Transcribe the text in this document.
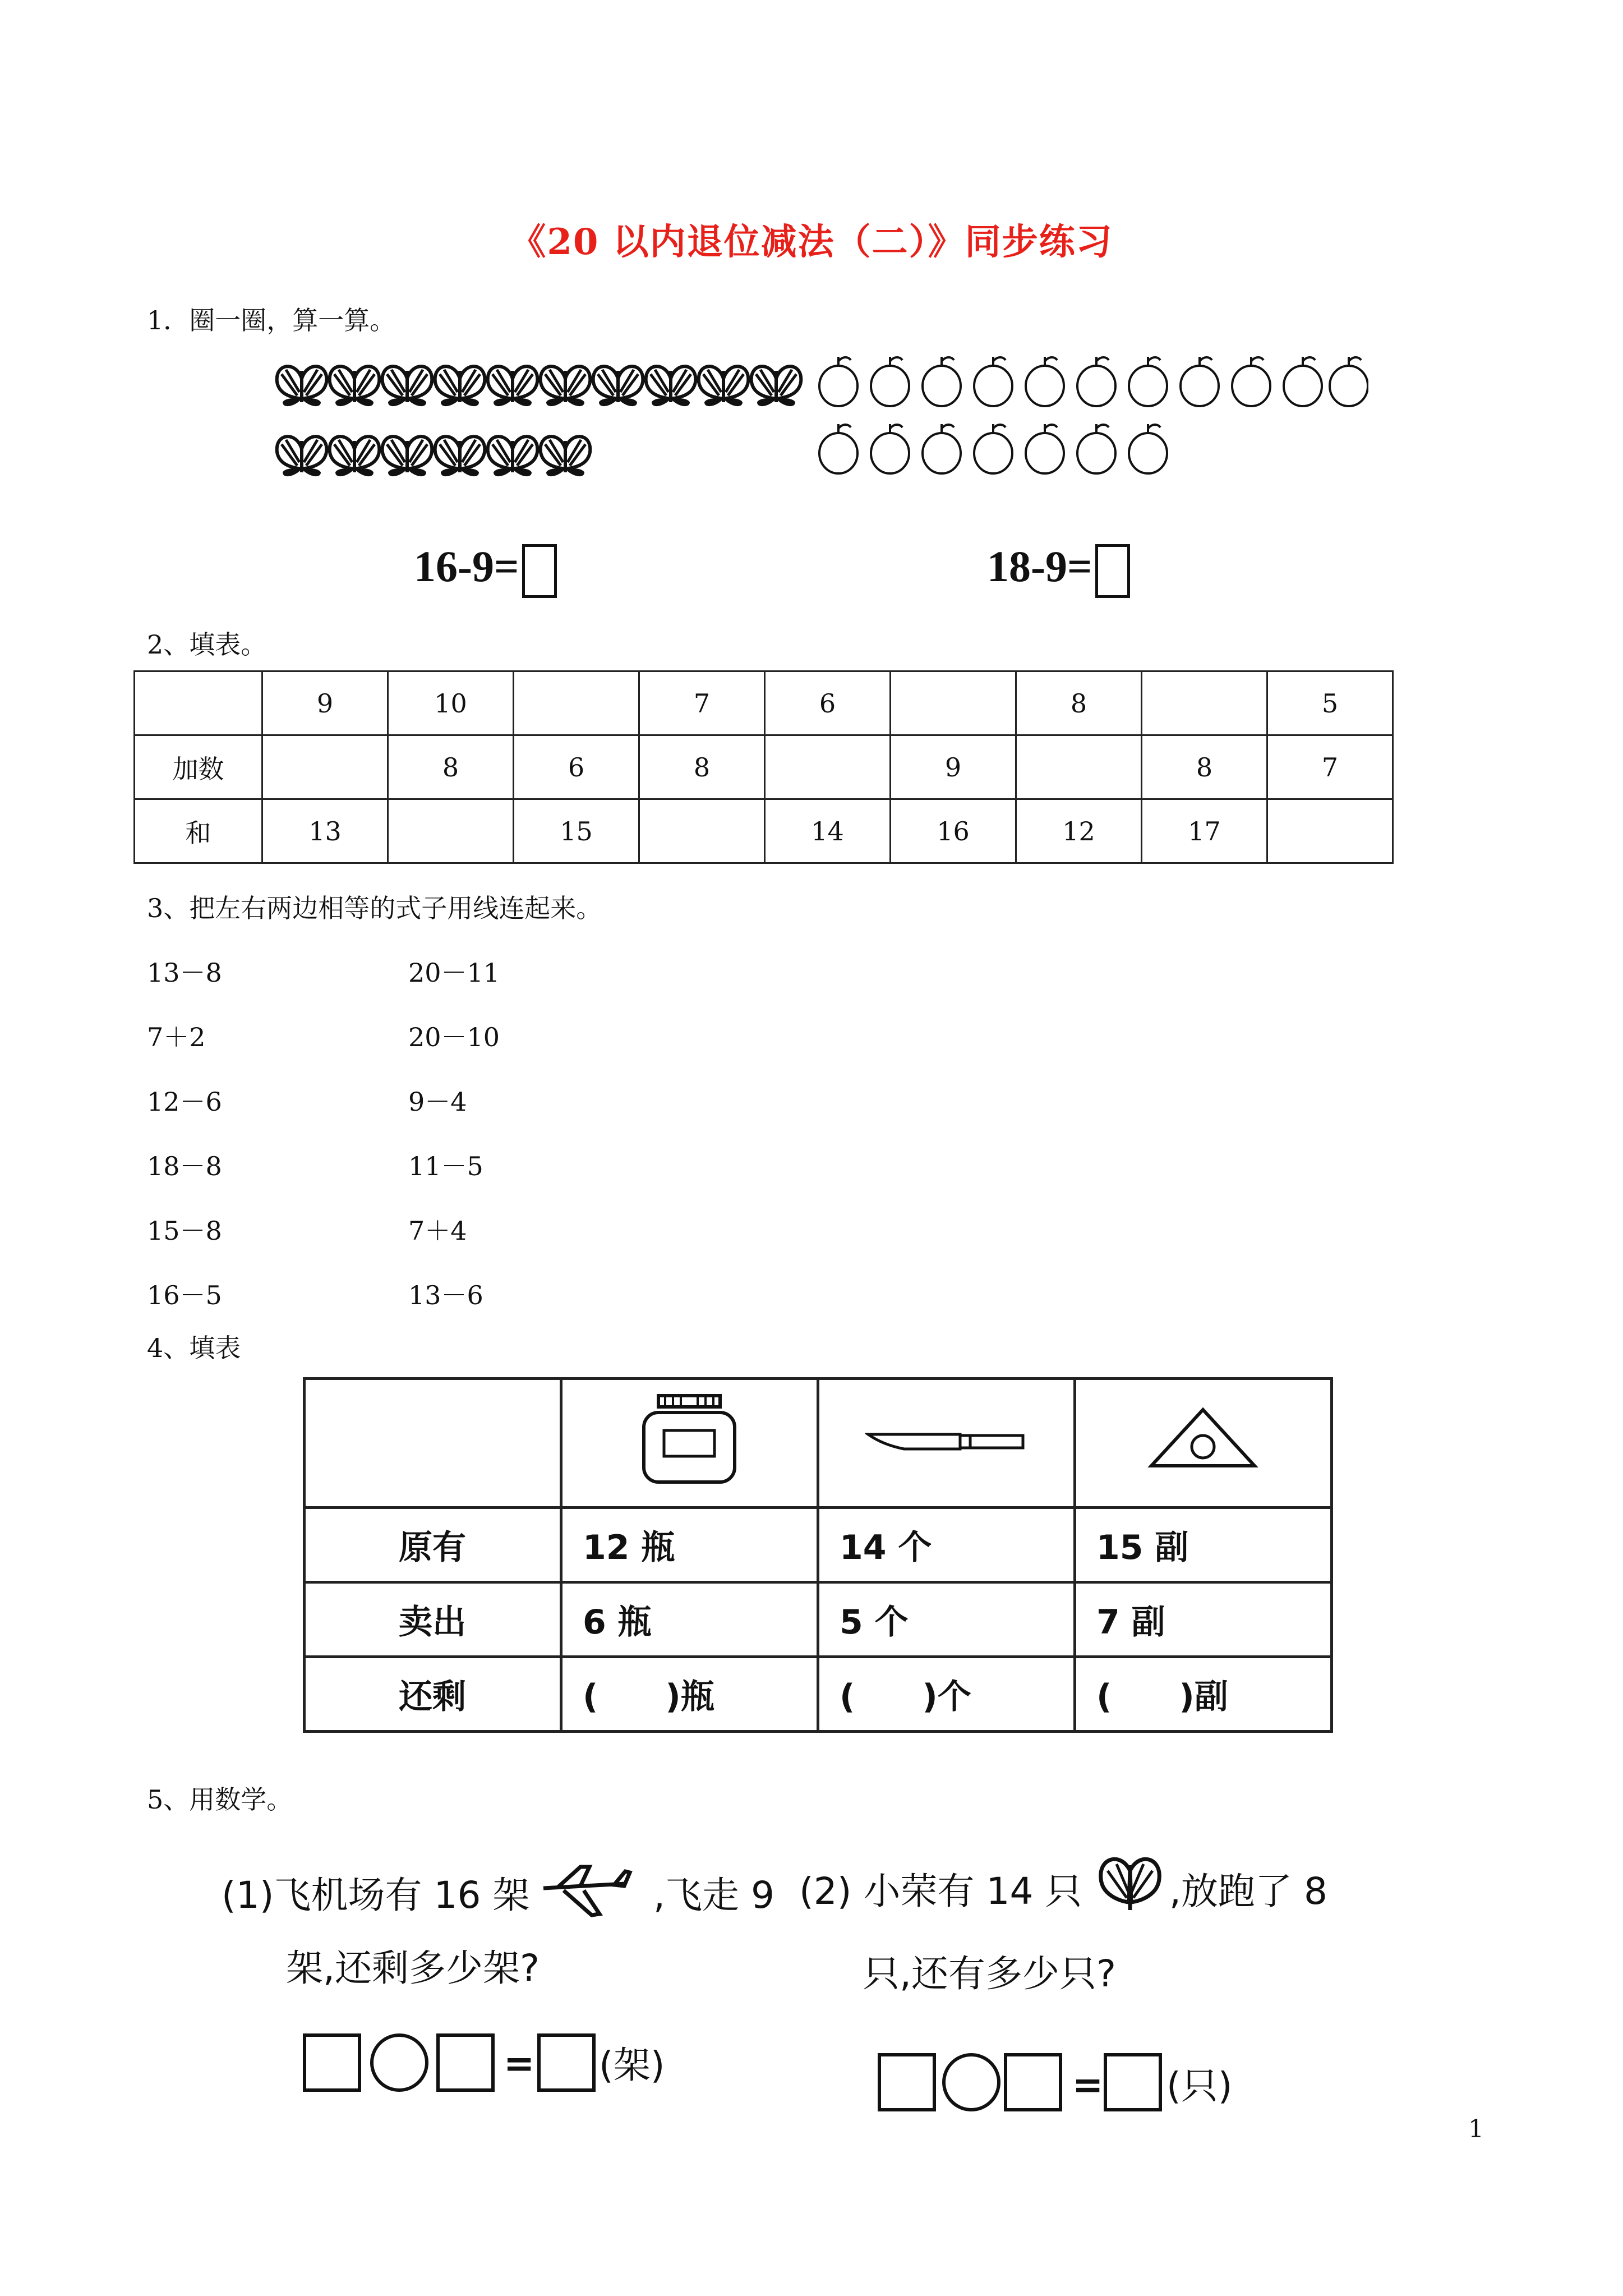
《20 以内退位减法（二）》同步练习
1．圈一圈，算一算。
16-9=	18-9=
2、填表。
	9	10		7	6		8		5
加数		8	6	8		9		8	7
和	13		15		14	16	12	17	
3、把左右两边相等的式子用线连起来。
13－8
7＋2
12－6
18－8
15－8
16－5
20－11
20－10
9－4
11－5
7＋4
13－6
4、填表

原有	12 瓶	14 个	15 副
卖出	6 瓶	5 个	7 副
还剩	(　　)瓶	(　　)个	(　　)副
5、用数学。
(1)飞机场有 16 架	,飞走 9
架,还剩多少架?
= (架)
(2) 小荣有 14 只 ,放跑了 8
只,还有多少只?
= (只)
1
